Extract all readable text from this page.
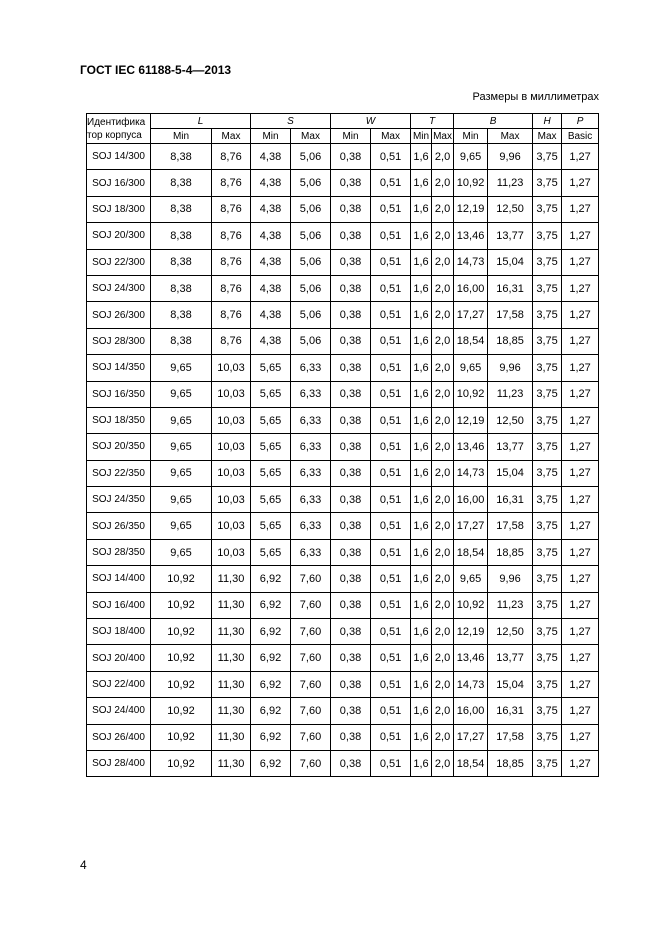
ГОСТ IEC 61188-5-4—2013
Размеры в миллиметрах
Идентифика тор корпуса	L		S		W		T		B		H	P
	Min	Max	Min	Max	Min	Max	Min	Max	Min	Max	Max	Basic
SOJ 14/300	8,38	8,76	4,38	5,06	0,38	0,51	1,6	2,0	9,65	9,96	3,75	1,27
SOJ 16/300	8,38	8,76	4,38	5,06	0,38	0,51	1,6	2,0	10,92	11,23	3,75	1,27
SOJ 18/300	8,38	8,76	4,38	5,06	0,38	0,51	1,6	2,0	12,19	12,50	3,75	1,27
SOJ 20/300	8,38	8,76	4,38	5,06	0,38	0,51	1,6	2,0	13,46	13,77	3,75	1,27
SOJ 22/300	8,38	8,76	4,38	5,06	0,38	0,51	1,6	2,0	14,73	15,04	3,75	1,27
SOJ 24/300	8,38	8,76	4,38	5,06	0,38	0,51	1,6	2,0	16,00	16,31	3,75	1,27
SOJ 26/300	8,38	8,76	4,38	5,06	0,38	0,51	1,6	2,0	17,27	17,58	3,75	1,27
SOJ 28/300	8,38	8,76	4,38	5,06	0,38	0,51	1,6	2,0	18,54	18,85	3,75	1,27
SOJ 14/350	9,65	10,03	5,65	6,33	0,38	0,51	1,6	2,0	9,65	9,96	3,75	1,27
SOJ 16/350	9,65	10,03	5,65	6,33	0,38	0,51	1,6	2,0	10,92	11,23	3,75	1,27
SOJ 18/350	9,65	10,03	5,65	6,33	0,38	0,51	1,6	2,0	12,19	12,50	3,75	1,27
SOJ 20/350	9,65	10,03	5,65	6,33	0,38	0,51	1,6	2,0	13,46	13,77	3,75	1,27
SOJ 22/350	9,65	10,03	5,65	6,33	0,38	0,51	1,6	2,0	14,73	15,04	3,75	1,27
SOJ 24/350	9,65	10,03	5,65	6,33	0,38	0,51	1,6	2,0	16,00	16,31	3,75	1,27
SOJ 26/350	9,65	10,03	5,65	6,33	0,38	0,51	1,6	2,0	17,27	17,58	3,75	1,27
SOJ 28/350	9,65	10,03	5,65	6,33	0,38	0,51	1,6	2,0	18,54	18,85	3,75	1,27
SOJ 14/400	10,92	11,30	6,92	7,60	0,38	0,51	1,6	2,0	9,65	9,96	3,75	1,27
SOJ 16/400	10,92	11,30	6,92	7,60	0,38	0,51	1,6	2,0	10,92	11,23	3,75	1,27
SOJ 18/400	10,92	11,30	6,92	7,60	0,38	0,51	1,6	2,0	12,19	12,50	3,75	1,27
SOJ 20/400	10,92	11,30	6,92	7,60	0,38	0,51	1,6	2,0	13,46	13,77	3,75	1,27
SOJ 22/400	10,92	11,30	6,92	7,60	0,38	0,51	1,6	2,0	14,73	15,04	3,75	1,27
SOJ 24/400	10,92	11,30	6,92	7,60	0,38	0,51	1,6	2,0	16,00	16,31	3,75	1,27
SOJ 26/400	10,92	11,30	6,92	7,60	0,38	0,51	1,6	2,0	17,27	17,58	3,75	1,27
SOJ 28/400	10,92	11,30	6,92	7,60	0,38	0,51	1,6	2,0	18,54	18,85	3,75	1,27
4
